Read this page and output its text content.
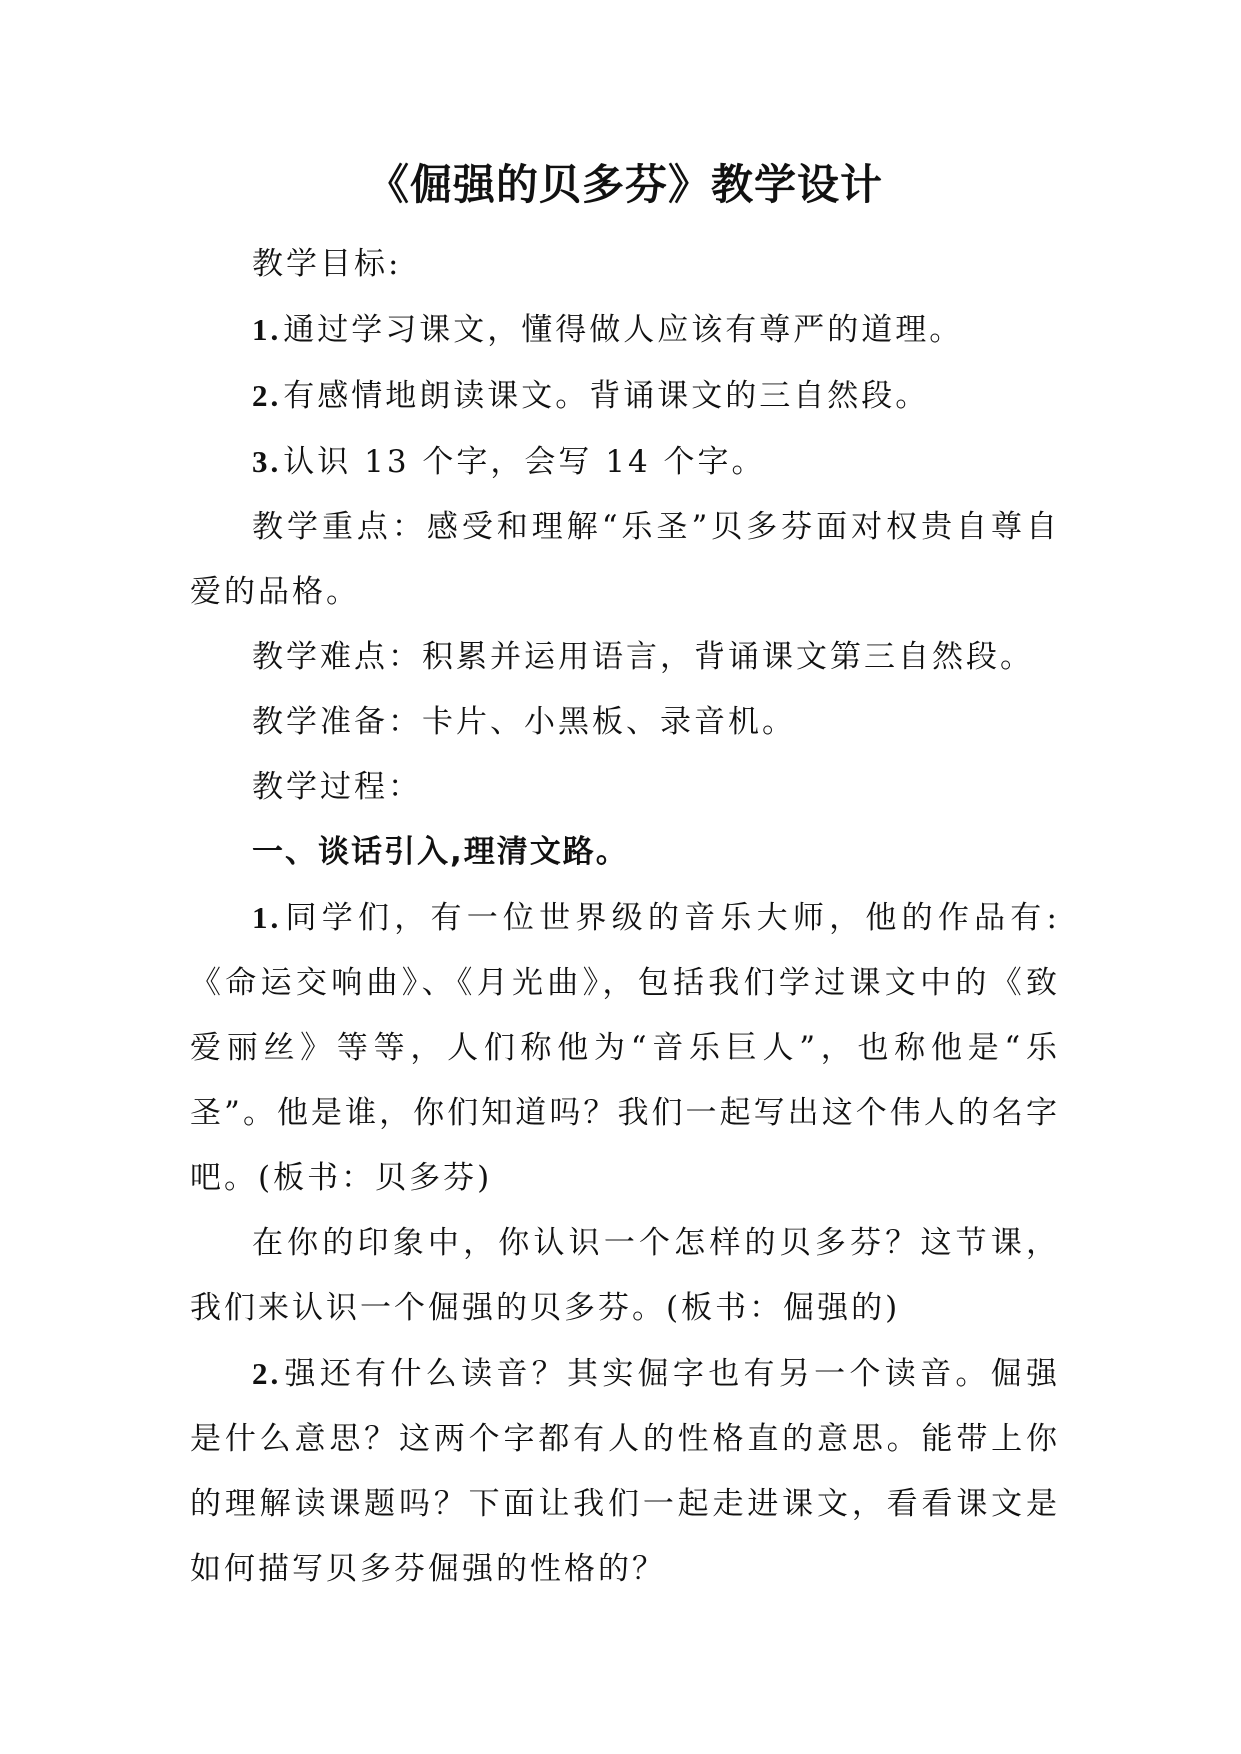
《倔强的贝多芬》教学设计

教学目标:

1.通过学习课文，懂得做人应该有尊严的道理。

2.有感情地朗读课文。背诵课文的三自然段。

3.认识 13 个字，会写 14 个字。

教学重点：感受和理解“乐圣”贝多芬面对权贵自尊自爱的品格。

教学难点：积累并运用语言，背诵课文第三自然段。

教学准备：卡片、小黑板、录音机。

教学过程：

一、谈话引入,理清文路。

1.同学们，有一位世界级的音乐大师，他的作品有:《命运交响曲》、《月光曲》，包括我们学过课文中的《致爱丽丝》等等，人们称他为“音乐巨人”，也称他是“乐圣”。他是谁，你们知道吗？我们一起写出这个伟人的名字吧。(板书：贝多芬)

在你的印象中，你认识一个怎样的贝多芬？这节课，我们来认识一个倔强的贝多芬。(板书：倔强的)

2.强还有什么读音？其实倔字也有另一个读音。倔强是什么意思？这两个字都有人的性格直的意思。能带上你的理解读课题吗？下面让我们一起走进课文，看看课文是如何描写贝多芬倔强的性格的？
